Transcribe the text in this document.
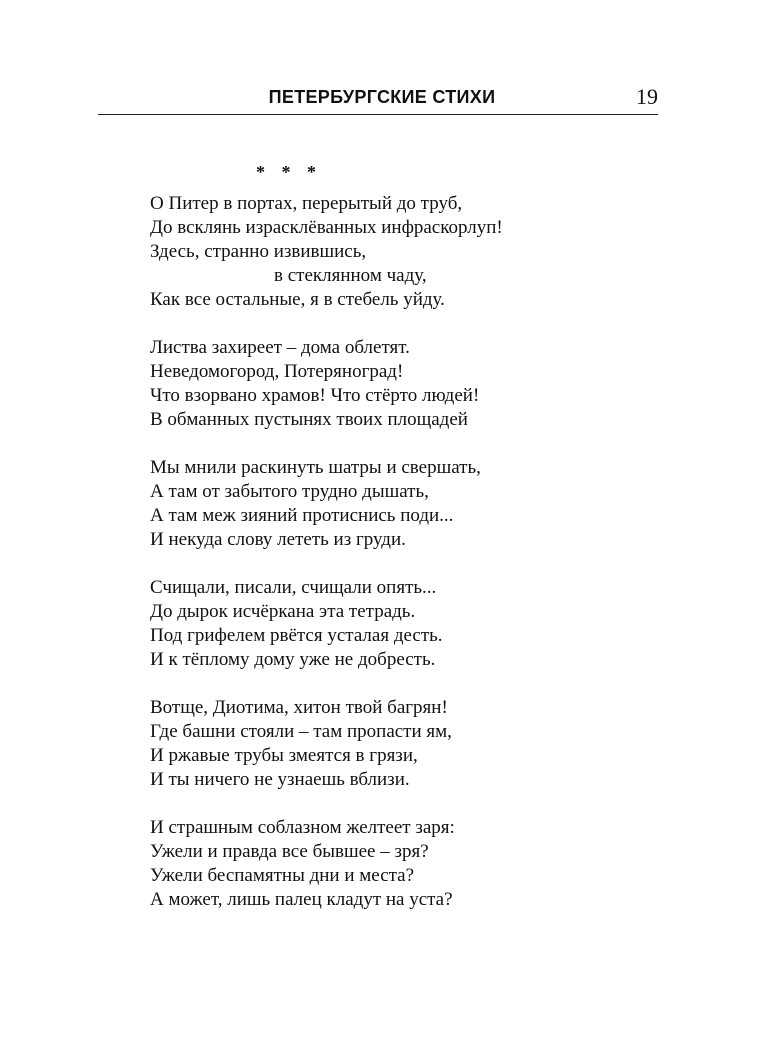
ПЕТЕРБУРГСКИЕ СТИХИ	19
* * *
О Питер в портах, перерытый до труб,
До всклянь израсклёванных инфраскорлуп!
Здесь, странно извившись,
в стеклянном чаду,
Как все остальные, я в стебель уйду.
Листва захиреет – дома облетят.
Неведомогород, Потеряноград!
Что взорвано храмов! Что стёрто людей!
В обманных пустынях твоих площадей
Мы мнили раскинуть шатры и свершать,
А там от забытого трудно дышать,
А там меж зияний протиснись поди...
И некуда слову лететь из груди.
Счищали, писали, счищали опять...
До дырок исчёркана эта тетрадь.
Под грифелем рвётся усталая десть.
И к тёплому дому уже не добресть.
Вотще, Диотима, хитон твой багрян!
Где башни стояли – там пропасти ям,
И ржавые трубы змеятся в грязи,
И ты ничего не узнаешь вблизи.
И страшным соблазном желтеет заря:
Ужели и правда все бывшее – зря?
Ужели беспамятны дни и места?
А может, лишь палец кладут на уста?
